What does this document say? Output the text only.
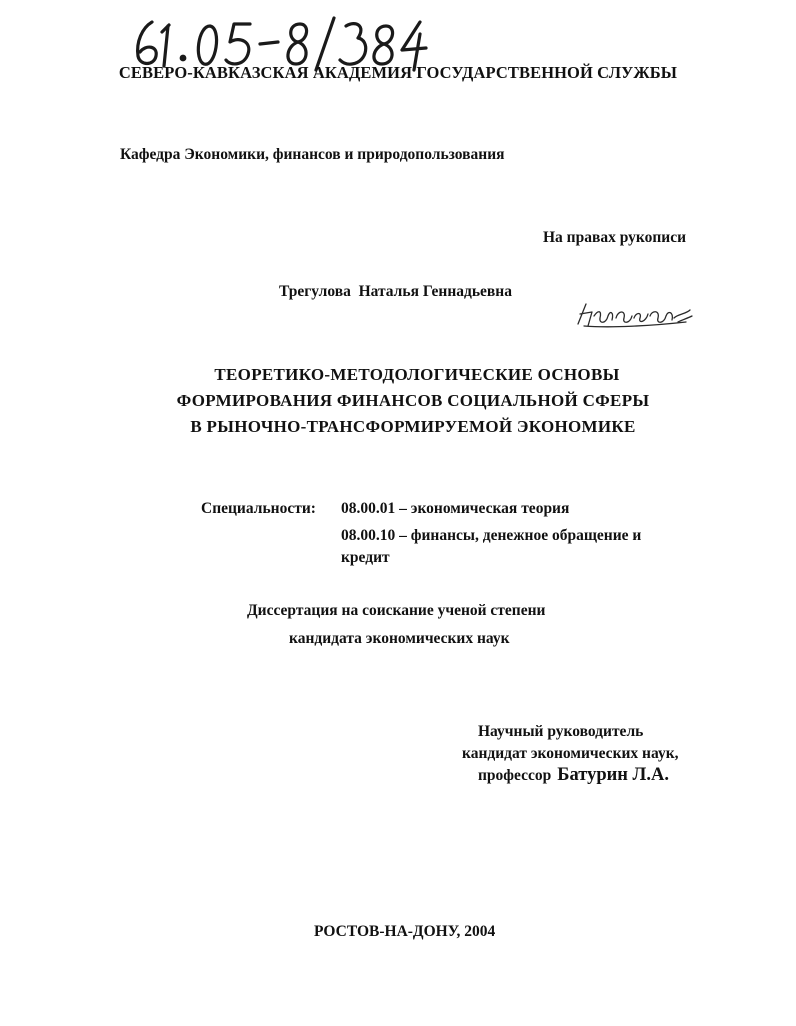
СЕВЕРО-КАВКАЗСКАЯ АКАДЕМИЯ ГОСУДАРСТВЕННОЙ СЛУЖБЫ
Кафедра Экономики, финансов и природопользования
На правах рукописи
Трегулова  Наталья Геннадьевна
ТЕОРЕТИКО-МЕТОДОЛОГИЧЕСКИЕ ОСНОВЫ
ФОРМИРОВАНИЯ ФИНАНСОВ СОЦИАЛЬНОЙ СФЕРЫ
В РЫНОЧНО-ТРАНСФОРМИРУЕМОЙ ЭКОНОМИКЕ
Специальности: 08.00.01 – экономическая теория
08.00.10 – финансы, денежное обращение и
кредит
Диссертация на соискание ученой степени
кандидата экономических наук
Научный руководитель
кандидат экономических наук,
профессор Батурин Л.А.
РОСТОВ-НА-ДОНУ, 2004
